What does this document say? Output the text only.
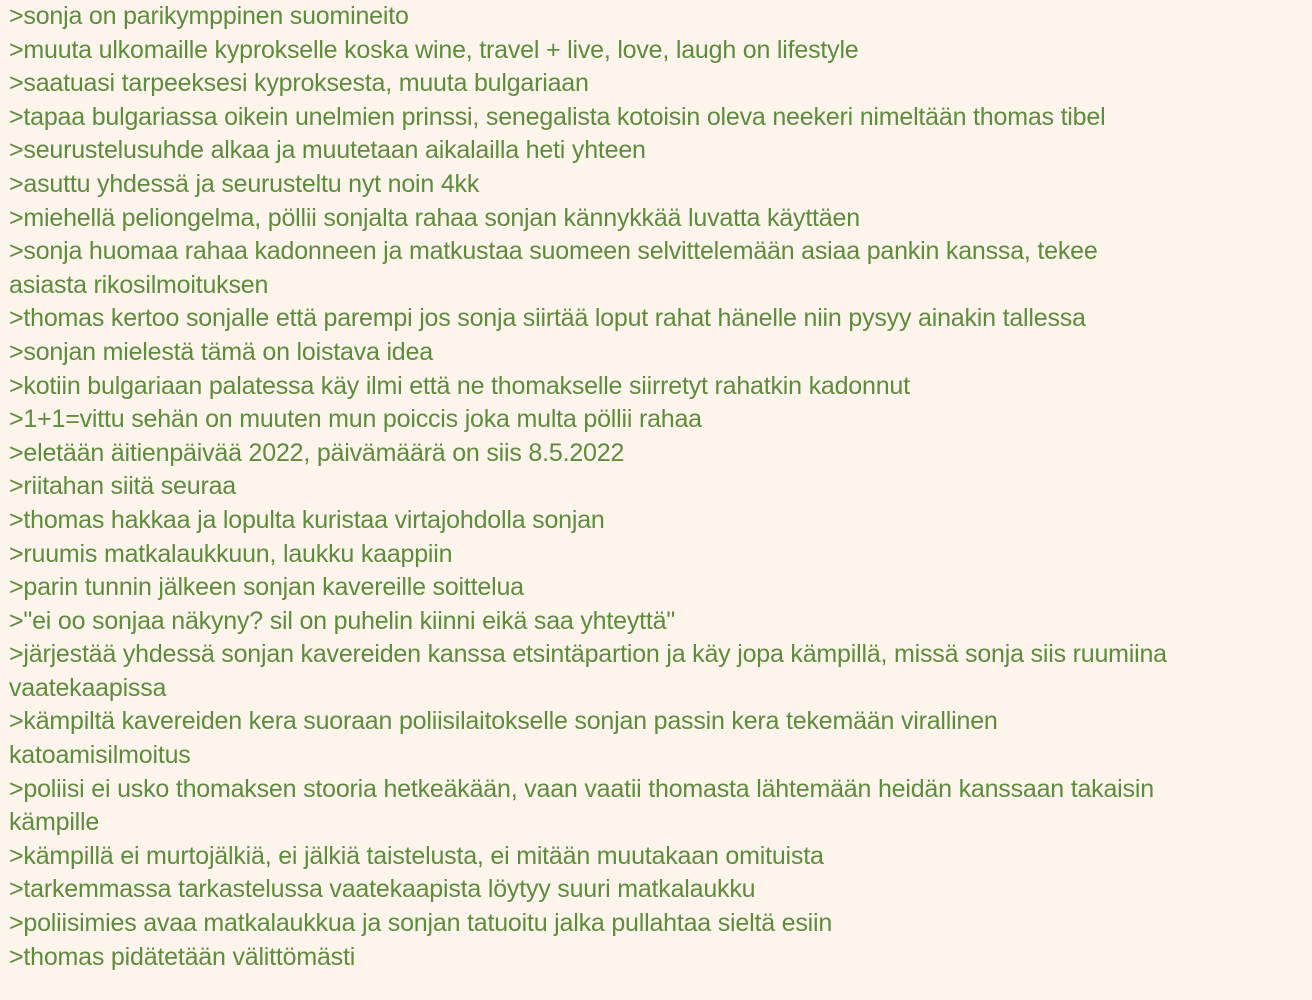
>sonja on parikymppinen suomineito
>muuta ulkomaille kyprokselle koska wine, travel + live, love, laugh on lifestyle
>saatuasi tarpeeksesi kyproksesta, muuta bulgariaan
>tapaa bulgariassa oikein unelmien prinssi, senegalista kotoisin oleva neekeri nimeltään thomas tibel
>seurustelusuhde alkaa ja muutetaan aikalailla heti yhteen
>asuttu yhdessä ja seurusteltu nyt noin 4kk
>miehellä peliongelma, pöllii sonjalta rahaa sonjan kännykkää luvatta käyttäen
>sonja huomaa rahaa kadonneen ja matkustaa suomeen selvittelemään asiaa pankin kanssa, tekee
asiasta rikosilmoituksen
>thomas kertoo sonjalle että parempi jos sonja siirtää loput rahat hänelle niin pysyy ainakin tallessa
>sonjan mielestä tämä on loistava idea
>kotiin bulgariaan palatessa käy ilmi että ne thomakselle siirretyt rahatkin kadonnut
>1+1=vittu sehän on muuten mun poiccis joka multa pöllii rahaa
>eletään äitienpäivää 2022, päivämäärä on siis 8.5.2022
>riitahan siitä seuraa
>thomas hakkaa ja lopulta kuristaa virtajohdolla sonjan
>ruumis matkalaukkuun, laukku kaappiin
>parin tunnin jälkeen sonjan kavereille soittelua
>"ei oo sonjaa näkyny? sil on puhelin kiinni eikä saa yhteyttä"
>järjestää yhdessä sonjan kavereiden kanssa etsintäpartion ja käy jopa kämpillä, missä sonja siis ruumiina
vaatekaapissa
>kämpiltä kavereiden kera suoraan poliisilaitokselle sonjan passin kera tekemään virallinen
katoamisilmoitus
>poliisi ei usko thomaksen stooria hetkeäkään, vaan vaatii thomasta lähtemään heidän kanssaan takaisin
kämpille
>kämpillä ei murtojälkiä, ei jälkiä taistelusta, ei mitään muutakaan omituista
>tarkemmassa tarkastelussa vaatekaapista löytyy suuri matkalaukku
>poliisimies avaa matkalaukkua ja sonjan tatuoitu jalka pullahtaa sieltä esiin
>thomas pidätetään välittömästi
